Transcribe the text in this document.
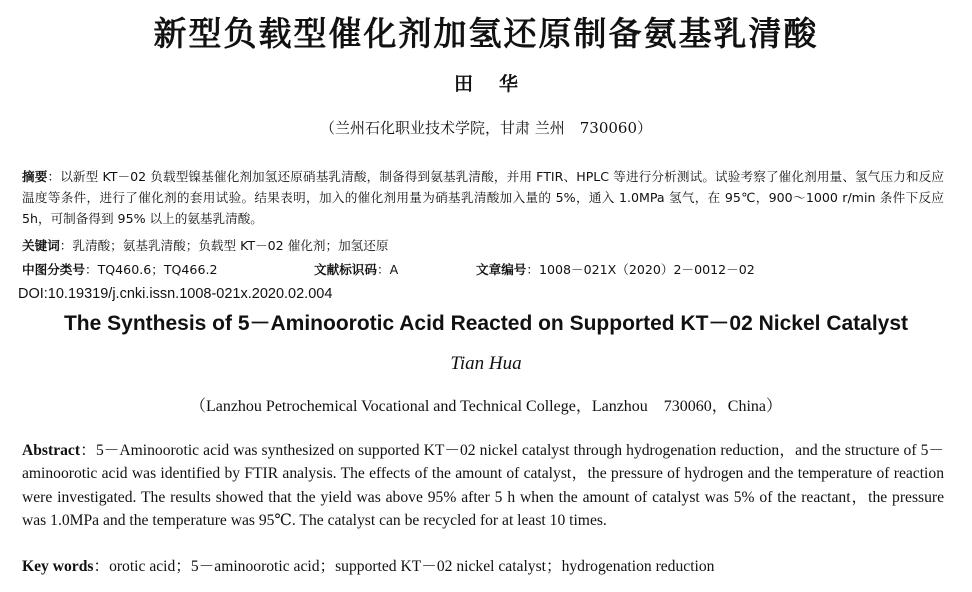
新型负载型催化剂加氢还原制备氨基乳清酸
田华
（兰州石化职业技术学院，甘肃 兰州　730060）
摘要：以新型 KT－02 负载型镍基催化剂加氢还原硝基乳清酸，制备得到氨基乳清酸，并用 FTIR、HPLC 等进行分析测试。试验考察了催化剂用量、氢气压力和反应温度等条件，进行了催化剂的套用试验。结果表明，加入的催化剂用量为硝基乳清酸加入量的 5%，通入 1.0MPa 氢气，在 95℃，900～1000 r/min 条件下反应 5h，可制备得到 95% 以上的氨基乳清酸。
关键词：乳清酸；氨基乳清酸；负载型 KT－02 催化剂；加氢还原
中图分类号：TQ460.6；TQ466.2	文献标识码：A	文章编号：1008－021X（2020）2－0012－02
DOI:10.19319/j.cnki.issn.1008-021x.2020.02.004
The Synthesis of 5－Aminoorotic Acid Reacted on Supported KT－02 Nickel Catalyst
Tian Hua
（Lanzhou Petrochemical Vocational and Technical College，Lanzhou　730060，China）
Abstract：5－Aminoorotic acid was synthesized on supported KT－02 nickel catalyst through hydrogenation reduction，and the structure of 5－aminoorotic acid was identified by FTIR analysis. The effects of the amount of catalyst，the pressure of hydrogen and the temperature of reaction were investigated. The results showed that the yield was above 95% after 5 h when the amount of catalyst was 5% of the reactant，the pressure was 1.0MPa and the temperature was 95℃. The catalyst can be recycled for at least 10 times.
Key words：orotic acid；5－aminoorotic acid；supported KT－02 nickel catalyst；hydrogenation reduction
